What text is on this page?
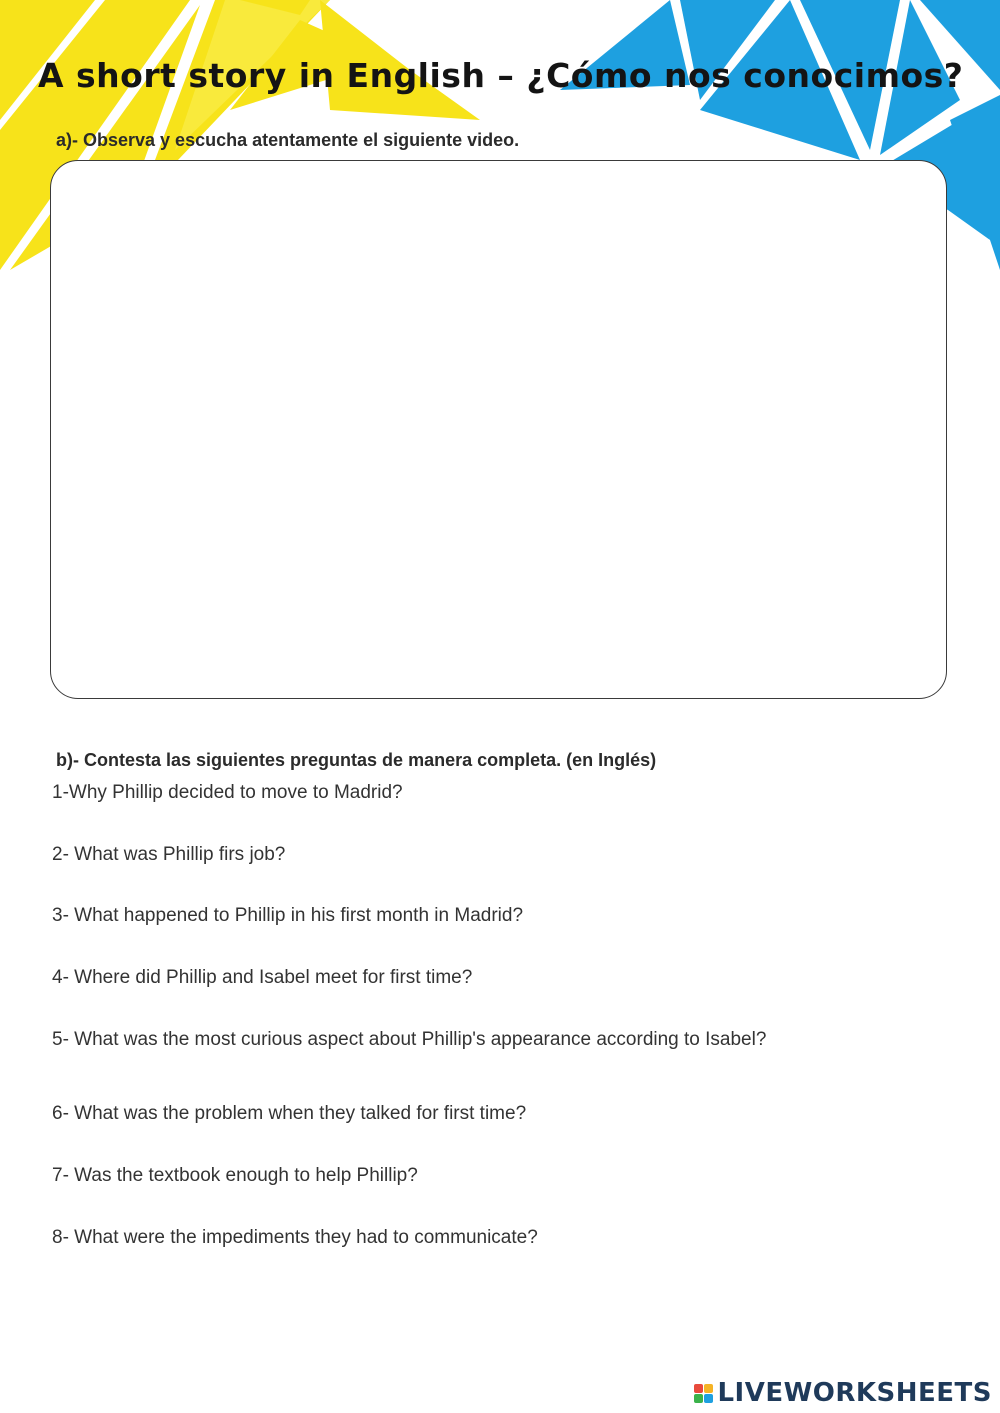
A short story in English – ¿Cómo nos conocimos?
a)- Observa y escucha atentamente el siguiente video.
b)- Contesta las siguientes preguntas de manera completa. (en Inglés)
1-Why Phillip decided to move to Madrid?
2- What was Phillip firs job?
3- What happened to Phillip in his first month in Madrid?
4- Where did Phillip and Isabel meet for first time?
5- What was the most curious aspect about Phillip's appearance according to Isabel?
6- What was the problem when they talked for first time?
7- Was the textbook enough to help Phillip?
8- What were the impediments they had to communicate?
LIVEWORKSHEETS
